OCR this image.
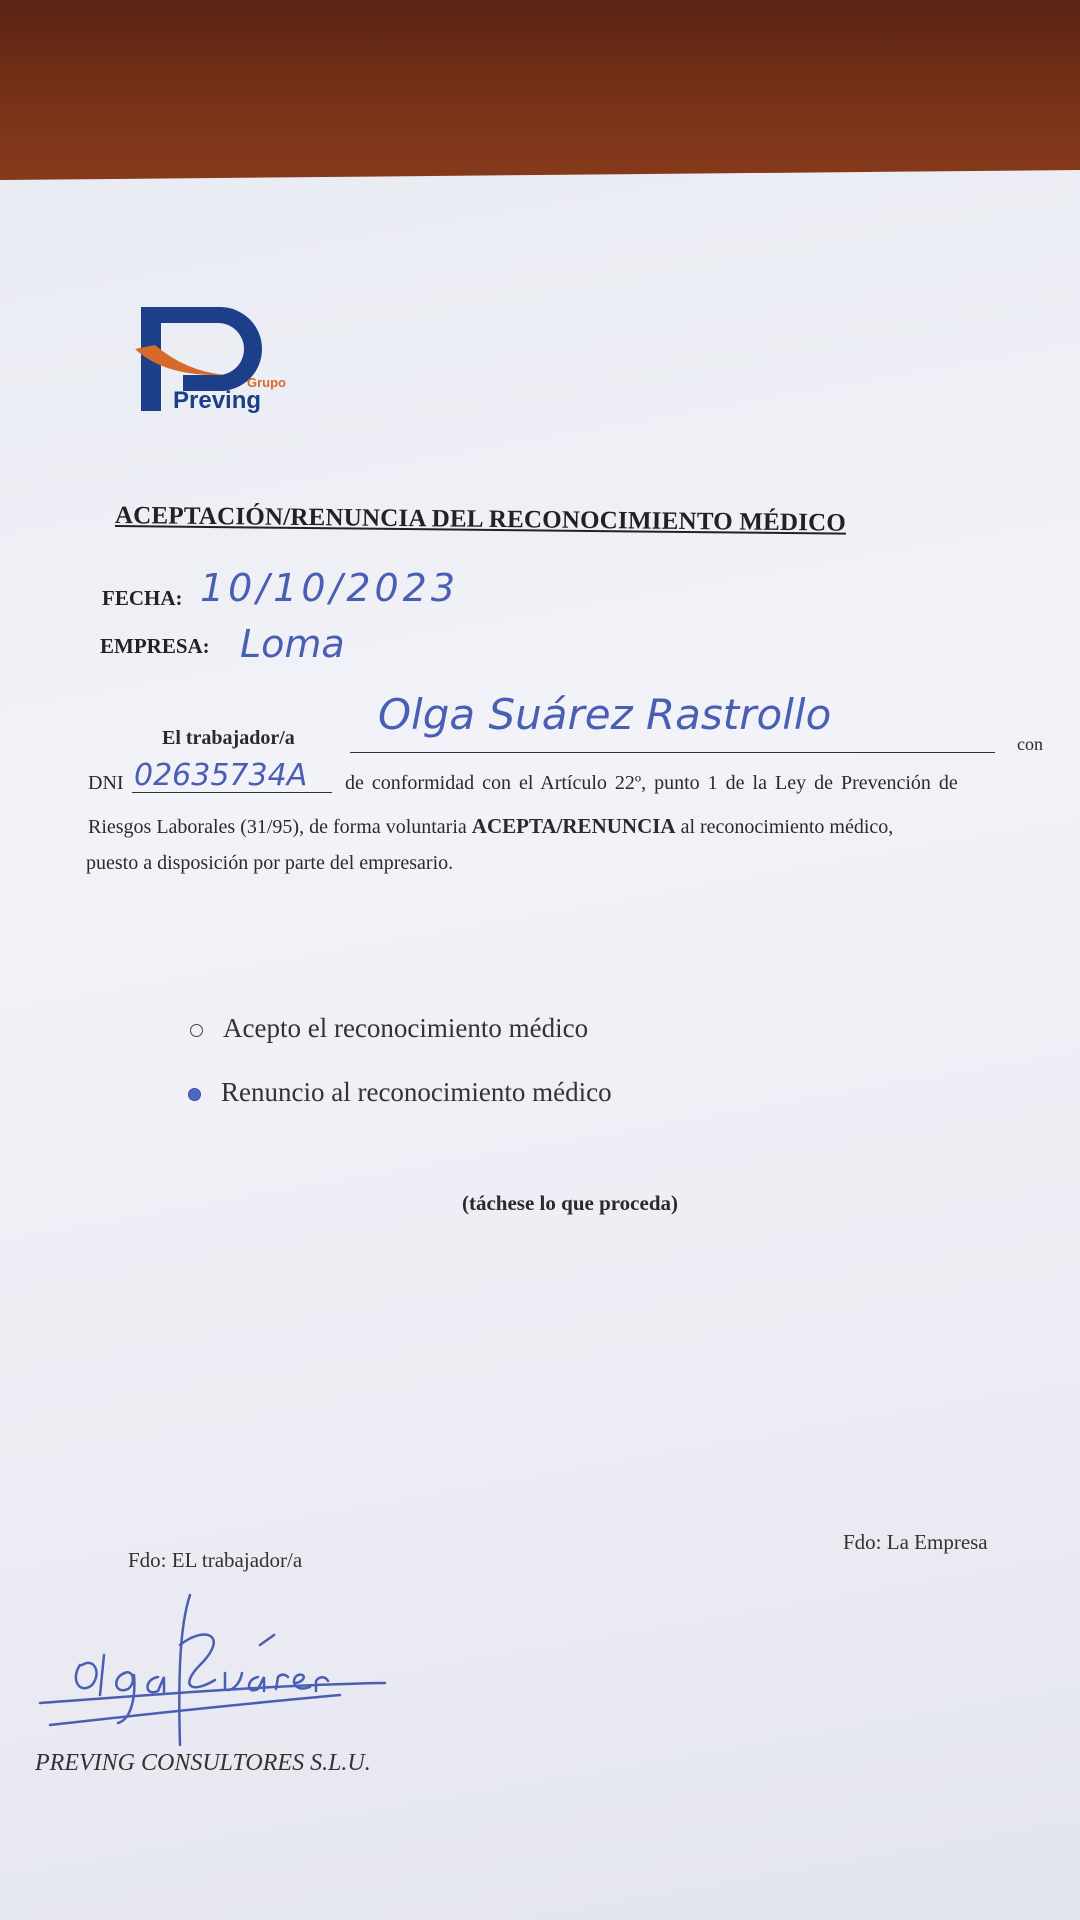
Grupo
Preving
ACEPTACIÓN/RENUNCIA DEL RECONOCIMIENTO MÉDICO
FECHA: 10/10/2023
EMPRESA: Loma
El trabajador/a Olga Suárez Rastrollo
con
DNI 02635734A de conformidad con el Artículo 22º, punto 1 de la Ley de Prevención de
Riesgos Laborales (31/95), de forma voluntaria ACEPTA/RENUNCIA al reconocimiento médico,
puesto a disposición por parte del empresario.
Acepto el reconocimiento médico
Renuncio al reconocimiento médico
(táchese lo que proceda)
Fdo: EL trabajador/a
Fdo: La Empresa
PREVING CONSULTORES S.L.U.
